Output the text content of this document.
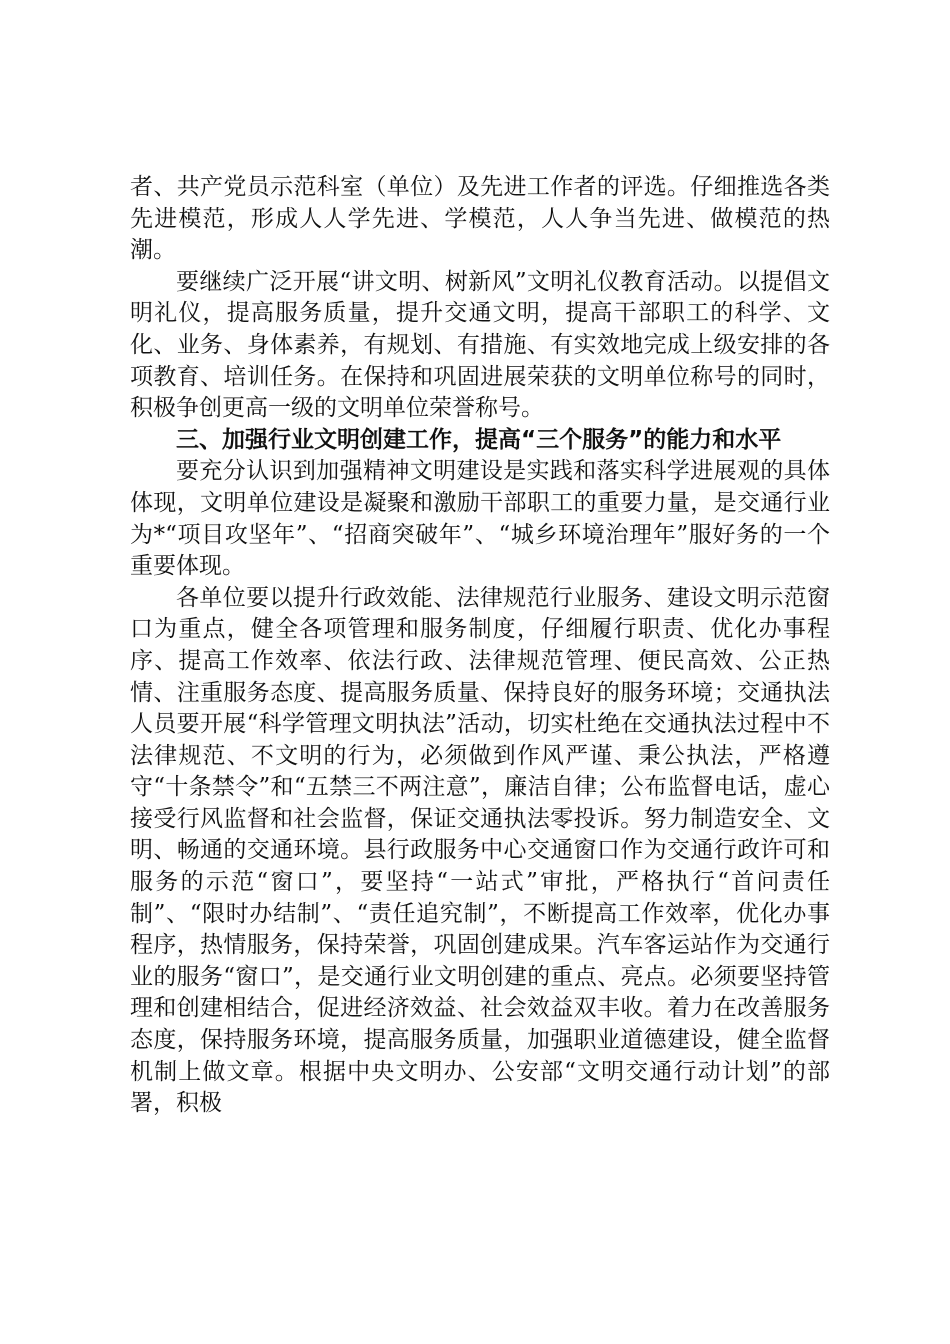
者、共产党员示范科室（单位）及先进工作者的评选。仔细推选各类先进模范，形成人人学先进、学模范，人人争当先进、做模范的热潮。

要继续广泛开展“讲文明、树新风”文明礼仪教育活动。以提倡文明礼仪，提高服务质量，提升交通文明，提高干部职工的科学、文化、业务、身体素养，有规划、有措施、有实效地完成上级安排的各项教育、培训任务。在保持和巩固进展荣获的文明单位称号的同时，积极争创更高一级的文明单位荣誉称号。

三、加强行业文明创建工作，提高“三个服务”的能力和水平

要充分认识到加强精神文明建设是实践和落实科学进展观的具体体现，文明单位建设是凝聚和激励干部职工的重要力量，是交通行业为*“项目攻坚年”、“招商突破年”、“城乡环境治理年”服好务的一个重要体现。

各单位要以提升行政效能、法律规范行业服务、建设文明示范窗口为重点，健全各项管理和服务制度，仔细履行职责、优化办事程序、提高工作效率、依法行政、法律规范管理、便民高效、公正热情、注重服务态度、提高服务质量、保持良好的服务环境；交通执法人员要开展“科学管理文明执法”活动，切实杜绝在交通执法过程中不法律规范、不文明的行为，必须做到作风严谨、秉公执法，严格遵守“十条禁令”和“五禁三不两注意”，廉洁自律；公布监督电话，虚心接受行风监督和社会监督，保证交通执法零投诉。努力制造安全、文明、畅通的交通环境。县行政服务中心交通窗口作为交通行政许可和服务的示范“窗口”，要坚持“一站式”审批，严格执行“首问责任制”、“限时办结制”、“责任追究制”，不断提高工作效率，优化办事程序，热情服务，保持荣誉，巩固创建成果。汽车客运站作为交通行业的服务“窗口”，是交通行业文明创建的重点、亮点。必须要坚持管理和创建相结合，促进经济效益、社会效益双丰收。着力在改善服务态度，保持服务环境，提高服务质量，加强职业道德建设，健全监督机制上做文章。根据中央文明办、公安部“文明交通行动计划”的部署，积极
